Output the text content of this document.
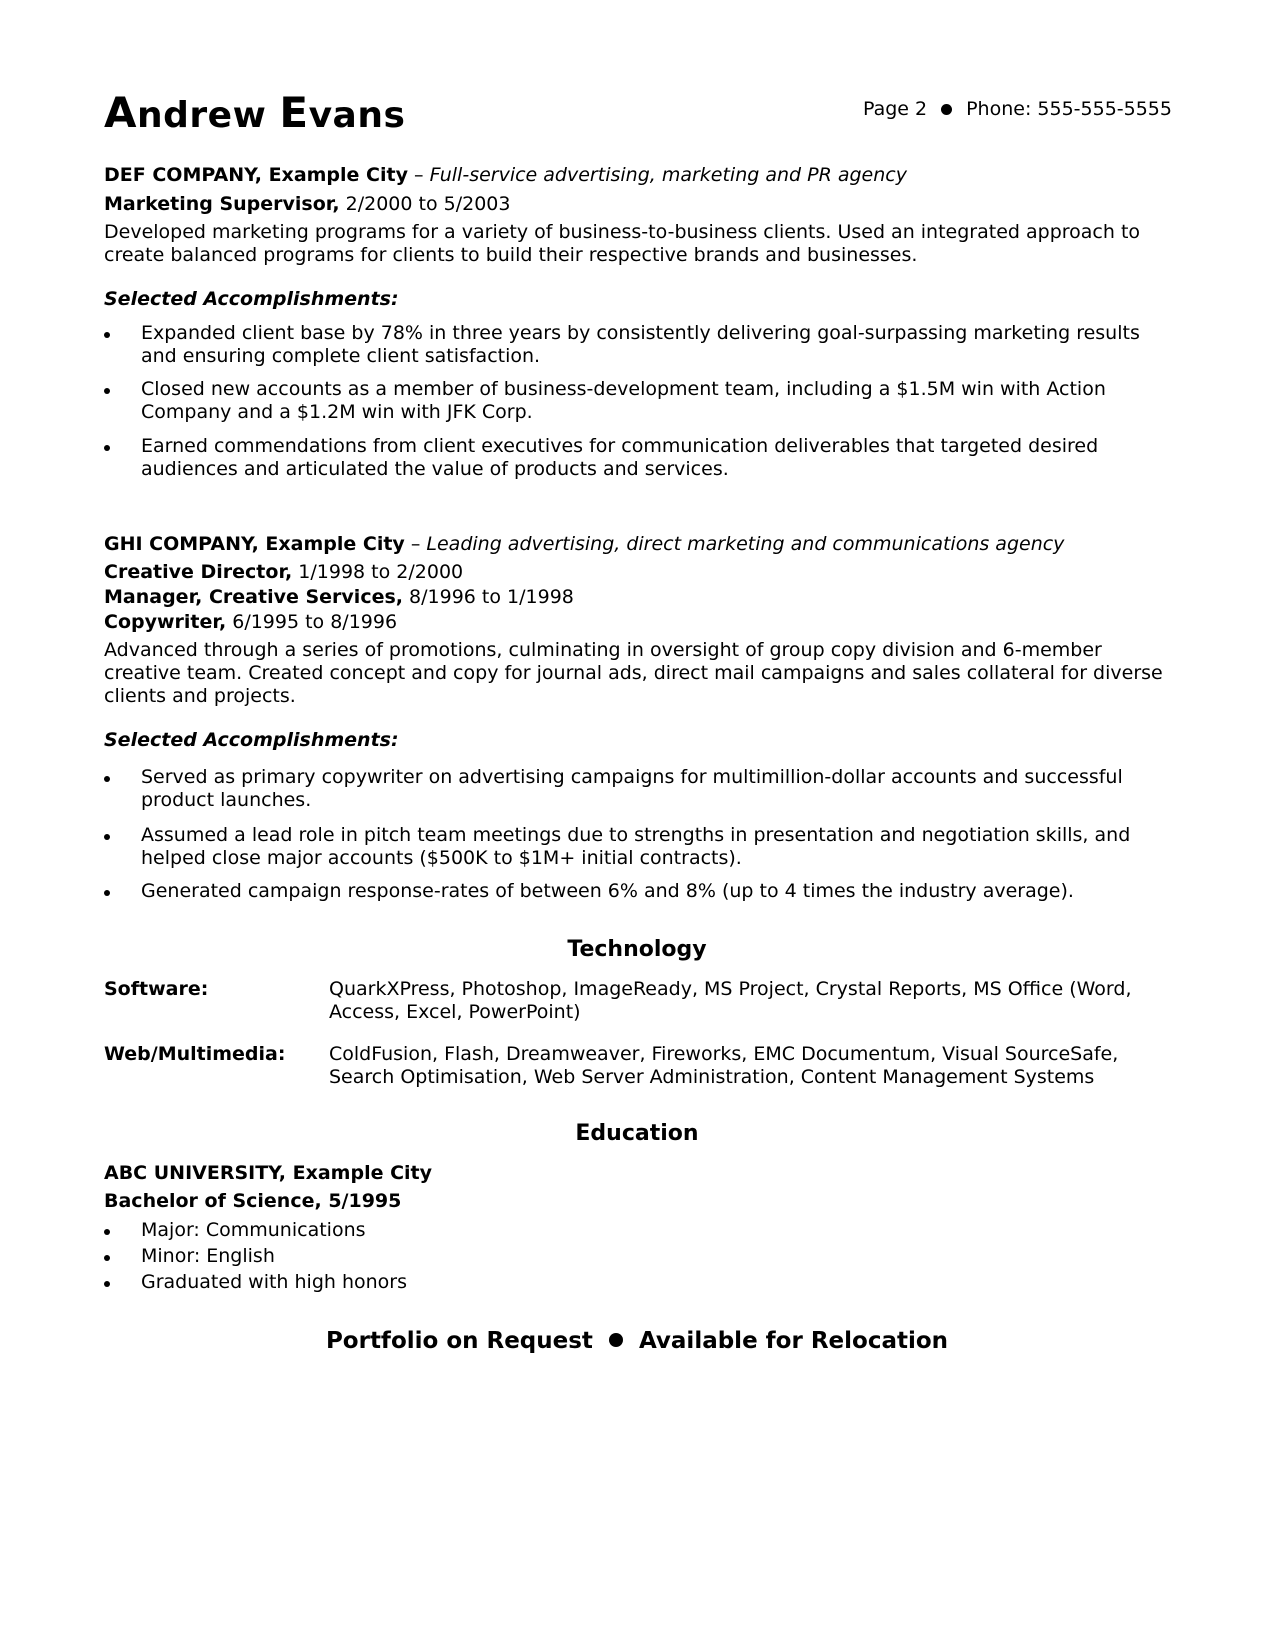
Andrew Evans	Page 2 Phone: 555-555-5555
DEF COMPANY, Example City – Full-service advertising, marketing and PR agency
Marketing Supervisor, 2/2000 to 5/2003

Developed marketing programs for a variety of business-to-business clients. Used an integrated approach to create balanced programs for clients to build their respective brands and businesses.

Selected Accomplishments:
Expanded client base by 78% in three years by consistently delivering goal-surpassing marketing results and ensuring complete client satisfaction.
Closed new accounts as a member of business-development team, including a $1.5M win with Action Company and a $1.2M win with JFK Corp.
Earned commendations from client executives for communication deliverables that targeted desired audiences and articulated the value of products and services.
GHI COMPANY, Example City – Leading advertising, direct marketing and communications agency
Creative Director, 1/1998 to 2/2000
Manager, Creative Services, 8/1996 to 1/1998
Copywriter, 6/1995 to 8/1996

Advanced through a series of promotions, culminating in oversight of group copy division and 6-member creative team. Created concept and copy for journal ads, direct mail campaigns and sales collateral for diverse clients and projects.

Selected Accomplishments:
Served as primary copywriter on advertising campaigns for multimillion-dollar accounts and successful product launches.
Assumed a lead role in pitch team meetings due to strengths in presentation and negotiation skills, and helped close major accounts ($500K to $1M+ initial contracts).
Generated campaign response-rates of between 6% and 8% (up to 4 times the industry average).
Technology
Software:	QuarkXPress, Photoshop, ImageReady, MS Project, Crystal Reports, MS Office (Word, Access, Excel, PowerPoint)
Web/Multimedia: ColdFusion, Flash, Dreamweaver, Fireworks, EMC Documentum, Visual SourceSafe, Search Optimisation, Web Server Administration, Content Management Systems
Education
ABC UNIVERSITY, Example City
Bachelor of Science, 5/1995
Major: Communications
Minor: English
Graduated with high honors
Portfolio on Request Available for Relocation
